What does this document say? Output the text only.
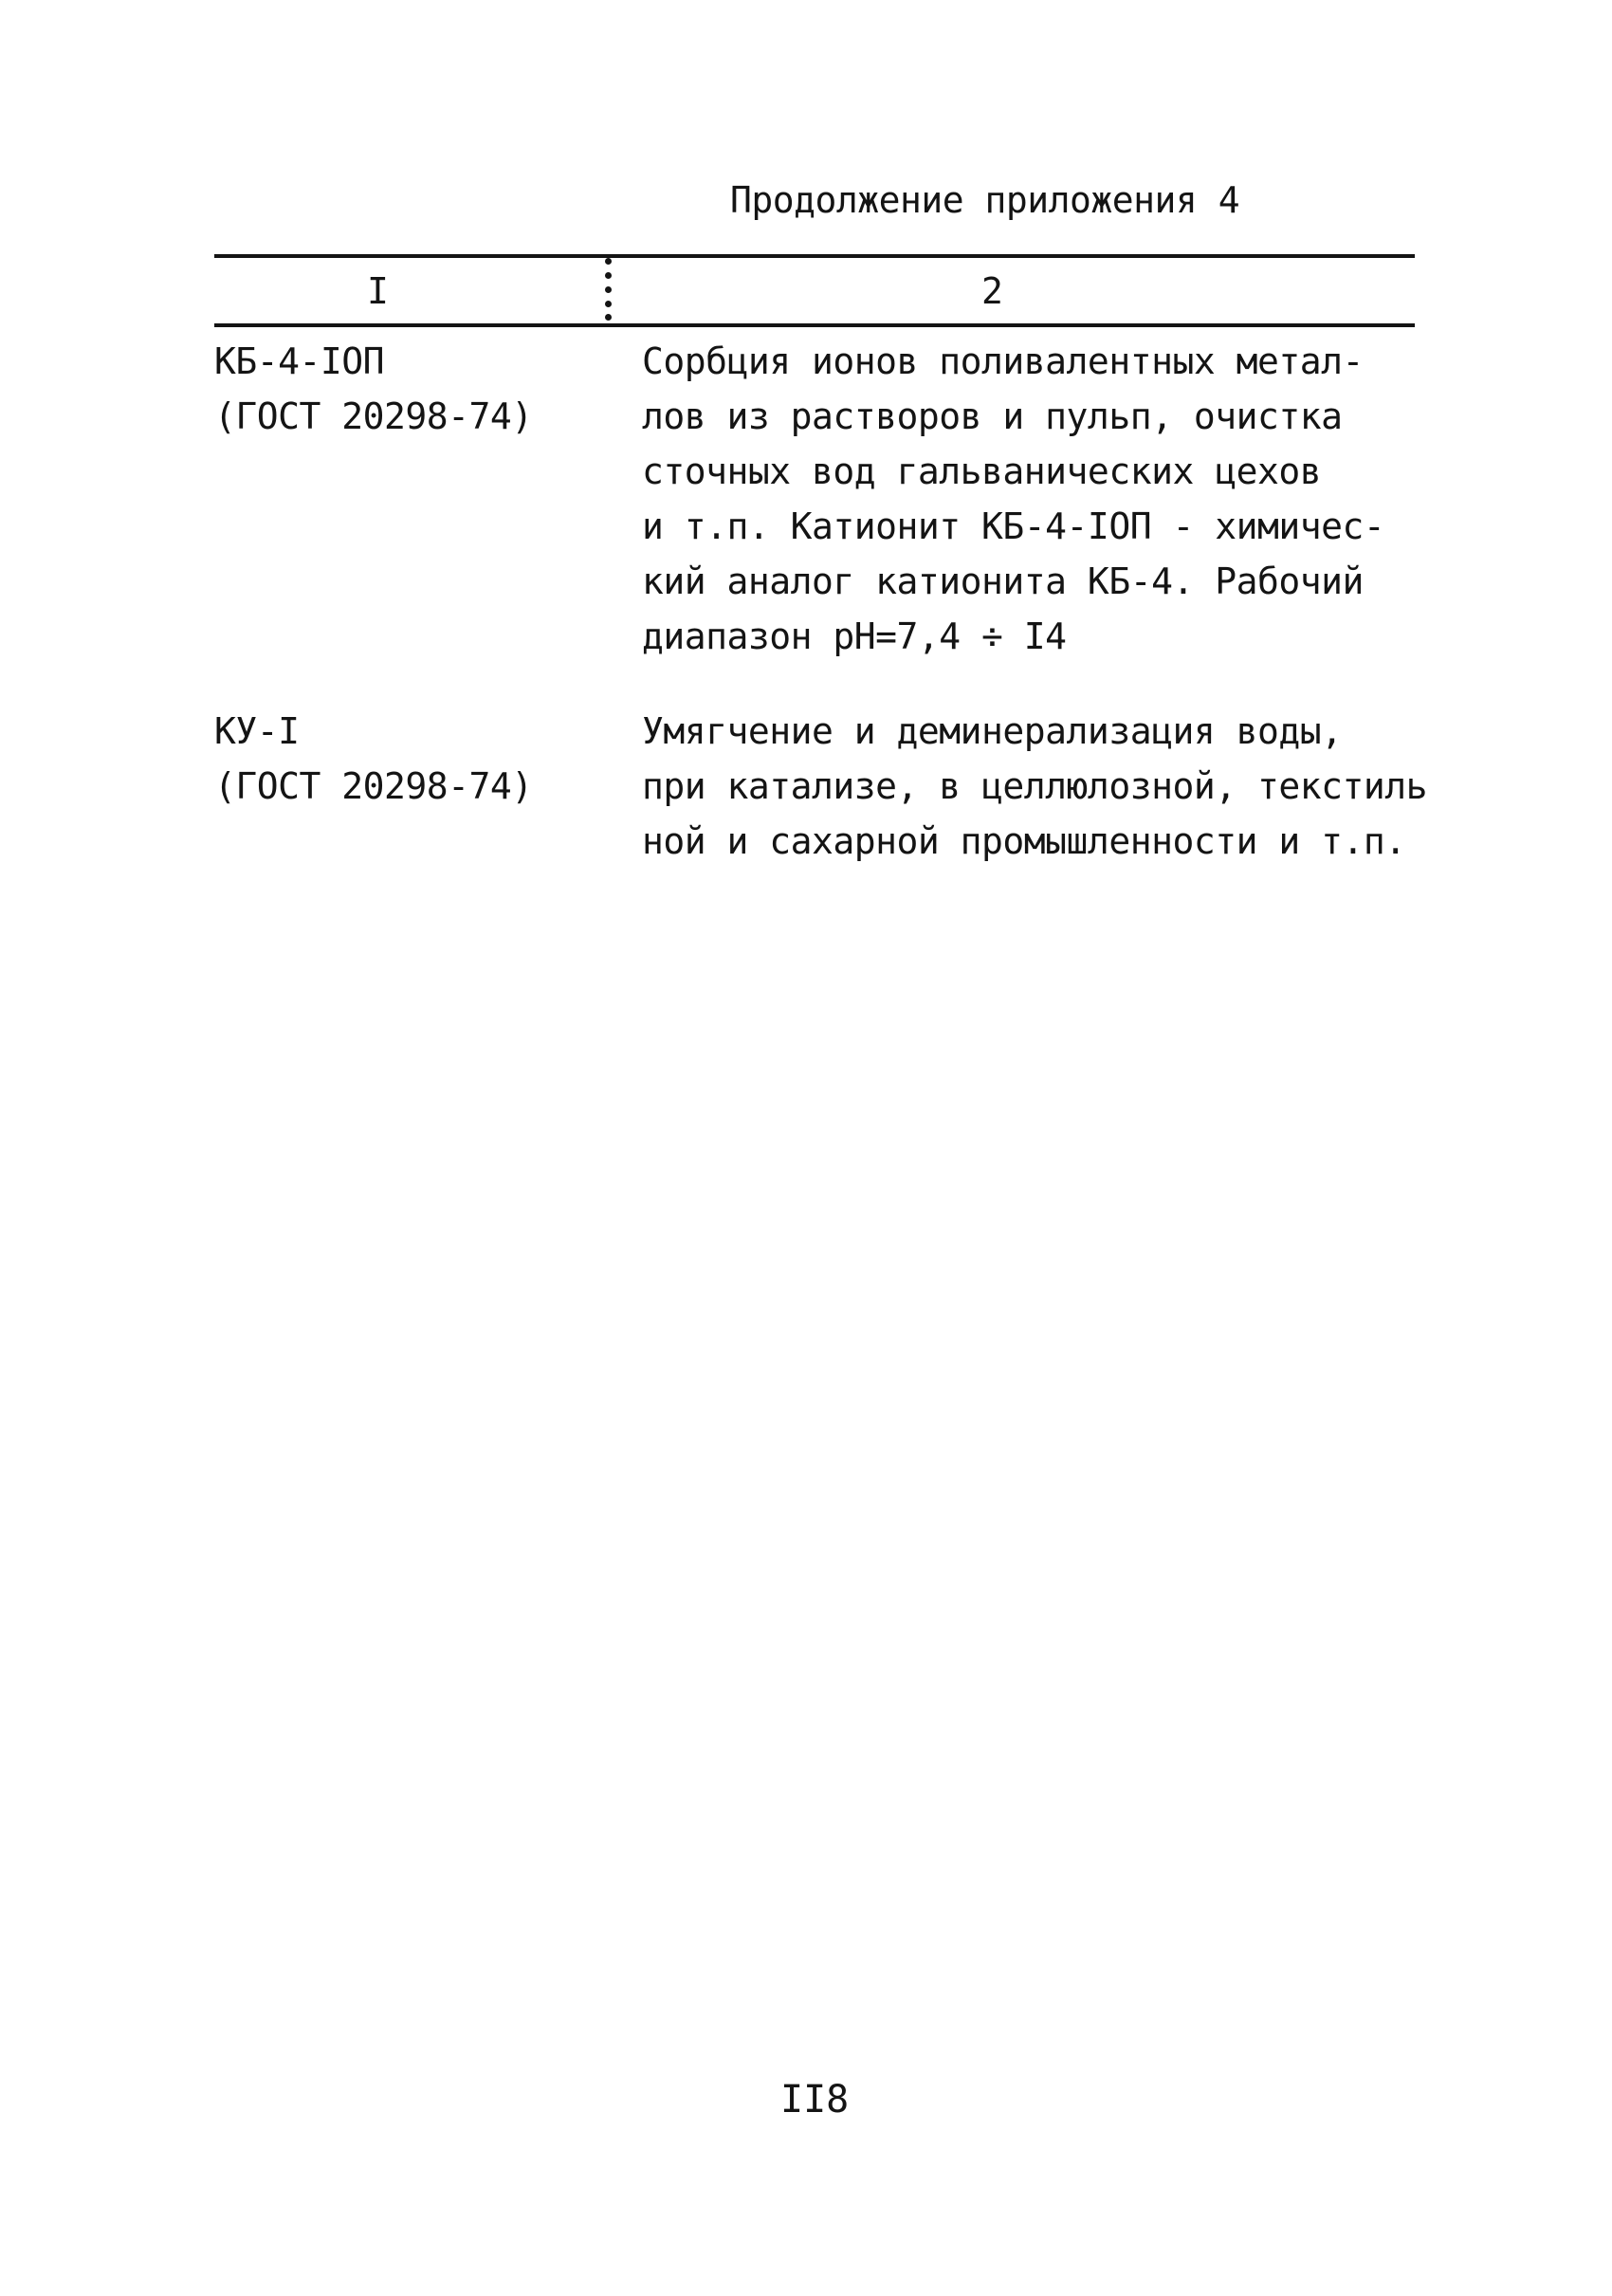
Продолжение приложения 4
I	2
КБ-4-IOП
(ГОСТ 20298-74)
Сорбция ионов поливалентных метал-
лов из растворов и пульп, очистка
сточных вод гальванических цехов
и т.п. Катионит КБ-4-IOП - химичес-
кий аналог катионита КБ-4. Рабочий
диапазон pH=7,4 ÷ I4
КУ-I
(ГОСТ 20298-74)
Умягчение и деминерализация воды,
при катализе, в целлюлозной, текстиль
ной и сахарной промышленности и т.п.
II8
